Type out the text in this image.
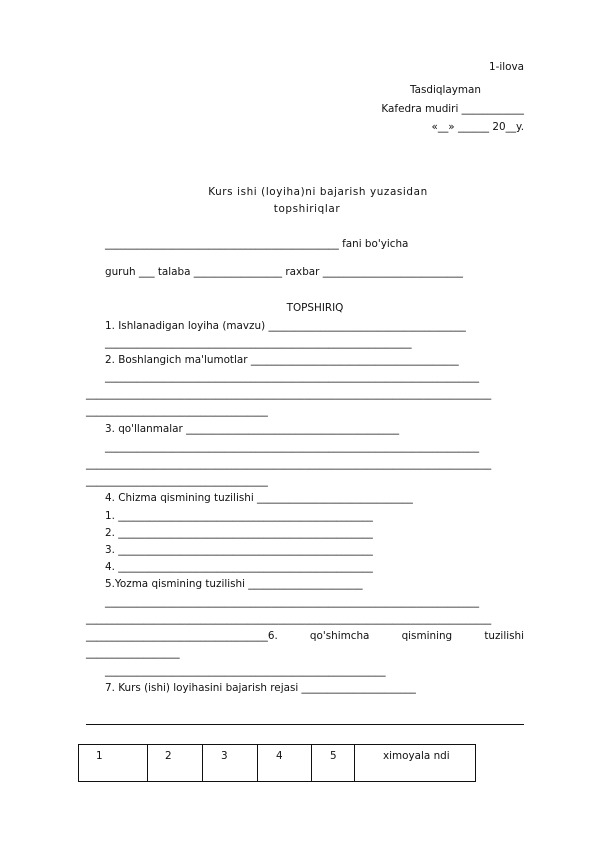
1-ilova
Tasdiqlayman
Kafedra mudiri ____________
«__» ______ 20__y.
Kurs ishi (loyiha)ni bajarish yuzasidan
topshiriqlar
_____________________________________________ fani bo'yicha
guruh ___ talaba _________________ raxbar ___________________________
TOPSHIRIQ
1. Ishlanadigan loyiha (mavzu) ______________________________________
___________________________________________________________
2. Boshlangich ma'lumotlar ________________________________________
________________________________________________________________________
______________________________________________________________________________
___________________________________
3. qo'llanmalar _________________________________________
________________________________________________________________________
______________________________________________________________________________
___________________________________
4. Chizma qismining tuzilishi ______________________________
1. _________________________________________________
2. _________________________________________________
3. _________________________________________________
4. _________________________________________________
5.Yozma qismining tuzilishi ______________________
________________________________________________________________________
______________________________________________________________________________
___________________________________6.	qo'shimcha	qismining	tuzilishi
__________________
______________________________________________________
7. Kurs (ishi) loyihasini bajarish rejasi ______________________
1	2	3	4	5	ximoyala ndi
